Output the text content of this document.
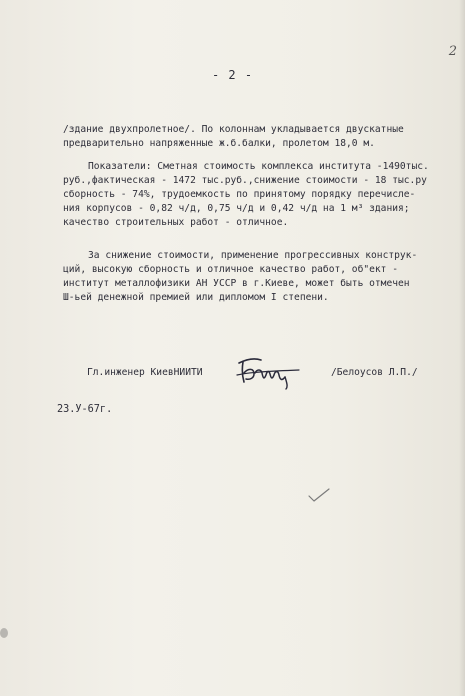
2
- 2 -
/здание двухпролетное/. По колоннам укладывается двускатные
предварительно напряженные ж.б.балки, пролетом 18,0 м.
Показатели: Сметная стоимость комплекса института -1490тыс.
руб.,фактическая - 1472 тыс.руб.,снижение стоимости - 18 тыс.ру
сборность - 74%, трудоемкость по принятому порядку перечисле-
ния корпусов - 0,82 ч/д, 0,75 ч/д и 0,42 ч/д на 1 м³ здания;
качество строительных работ - отличное.
За снижение стоимости, применение прогрессивных конструк-
ций, высокую сборность и отличное качество работ, об"ект -
институт металлофизики АН УССР в г.Киеве, может быть отмечен
Ш-ьей денежной премией или дипломом I степени.
Гл.инженер КиевНИИТИ	/Белоусов Л.П./
23.У-67г.
